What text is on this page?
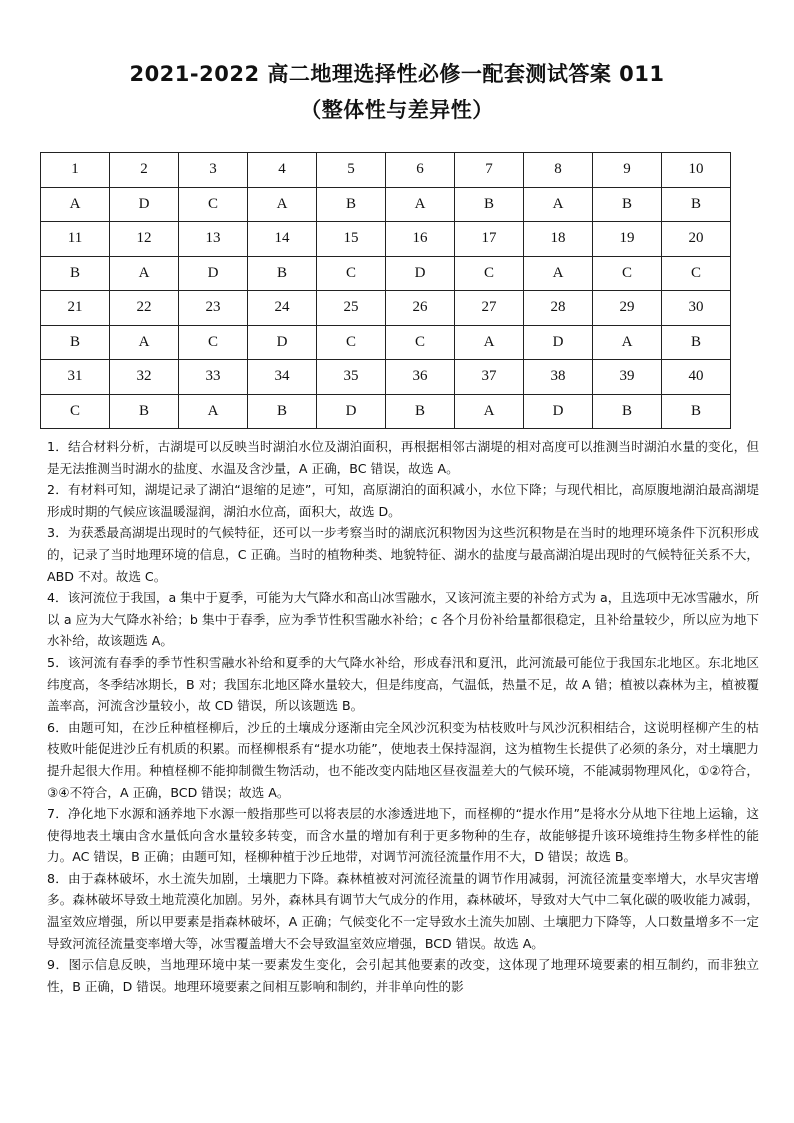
2021-2022 高二地理选择性必修一配套测试答案 011
（整体性与差异性）
1	2	3	4	5	6	7	8	9	10
A	D	C	A	B	A	B	A	B	B
11	12	13	14	15	16	17	18	19	20
B	A	D	B	C	D	C	A	C	C
21	22	23	24	25	26	27	28	29	30
B	A	C	D	C	C	A	D	A	B
31	32	33	34	35	36	37	38	39	40
C	B	A	B	D	B	A	D	B	B

1．结合材料分析，古湖堤可以反映当时湖泊水位及湖泊面积，再根据相邻古湖堤的相对高度可以推测当时湖泊水量的变化，但是无法推测当时湖水的盐度、水温及含沙量，A 正确，BC 错误，故选 A。

2．有材料可知，湖堤记录了湖泊“退缩的足迹”，可知，高原湖泊的面积减小，水位下降；与现代相比，高原腹地湖泊最高湖堤形成时期的气候应该温暖湿润，湖泊水位高，面积大，故选 D。

3．为获悉最高湖堤出现时的气候特征，还可以一步考察当时的湖底沉积物因为这些沉积物是在当时的地理环境条件下沉积形成的，记录了当时地理环境的信息，C 正确。当时的植物种类、地貌特征、湖水的盐度与最高湖泊堤出现时的气候特征关系不大，ABD 不对。故选 C。

4．该河流位于我国，a 集中于夏季，可能为大气降水和高山冰雪融水，又该河流主要的补给方式为 a，且选项中无冰雪融水，所以 a 应为大气降水补给；b 集中于春季，应为季节性积雪融水补给；c 各个月份补给量都很稳定，且补给量较少，所以应为地下水补给，故该题选 A。

5．该河流有春季的季节性积雪融水补给和夏季的大气降水补给，形成春汛和夏汛，此河流最可能位于我国东北地区。东北地区纬度高，冬季结冰期长，B 对；我国东北地区降水量较大，但是纬度高，气温低，热量不足，故 A 错；植被以森林为主，植被覆盖率高，河流含沙量较小，故 CD 错误，所以该题选 B。

6．由题可知，在沙丘种植柽柳后，沙丘的土壤成分逐渐由完全风沙沉积变为枯枝败叶与风沙沉积相结合，这说明柽柳产生的枯枝败叶能促进沙丘有机质的积累。而柽柳根系有“提水功能”，使地表土保持湿润，这为植物生长提供了必须的条分，对土壤肥力提升起很大作用。种植柽柳不能抑制微生物活动，也不能改变内陆地区昼夜温差大的气候环境，不能减弱物理风化，①②符合，③④不符合，A 正确，BCD 错误；故选 A。

7．净化地下水源和涵养地下水源一般指那些可以将表层的水渗透进地下，而柽柳的“提水作用”是将水分从地下往地上运输，这使得地表土壤由含水量低向含水量较多转变，而含水量的增加有利于更多物种的生存，故能够提升该环境维持生物多样性的能力。AC 错误，B 正确；由题可知，柽柳种植于沙丘地带，对调节河流径流量作用不大，D 错误；故选 B。

8．由于森林破坏，水土流失加剧，土壤肥力下降。森林植被对河流径流量的调节作用减弱，河流径流量变率增大，水旱灾害增多。森林破坏导致土地荒漠化加剧。另外，森林具有调节大气成分的作用，森林破坏，导致对大气中二氧化碳的吸收能力减弱，温室效应增强，所以甲要素是指森林破坏，A 正确；气候变化不一定导致水土流失加剧、土壤肥力下降等，人口数量增多不一定导致河流径流量变率增大等，冰雪覆盖增大不会导致温室效应增强，BCD 错误。故选 A。

9．图示信息反映，当地理环境中某一要素发生变化，会引起其他要素的改变，这体现了地理环境要素的相互制约，而非独立性，B 正确，D 错误。地理环境要素之间相互影响和制约，并非单向性的影
